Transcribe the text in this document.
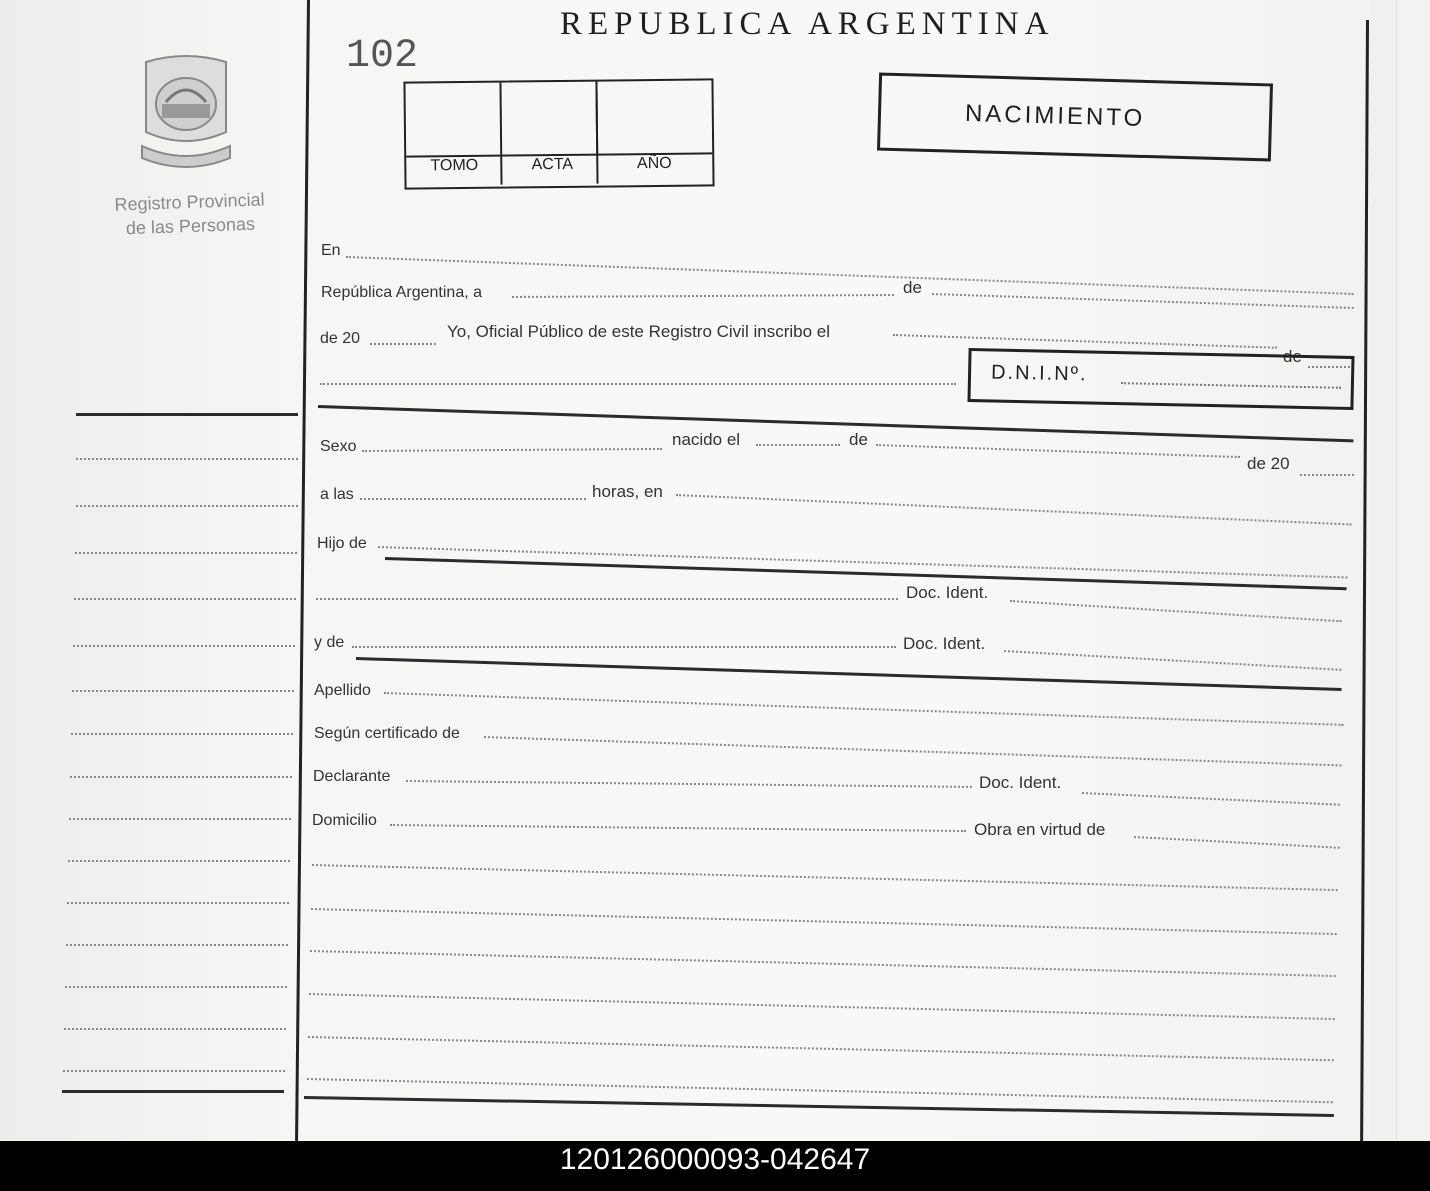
Registro Provincial
de las Personas
REPUBLICA ARGENTINA
102
TOMO	ACTA	AÑO
NACIMIENTO
En
República Argentina, a	de
de 20	Yo, Oficial Público de este Registro Civil inscribo el
de
D.N.I.Nº.
Sexo	nacido el	de
de 20
a las	horas, en
Hijo de
Doc. Ident.
y de	Doc. Ident.
Apellido
Según certificado de
Declarante	Doc. Ident.
Domicilio	Obra en virtud de
120126000093-042647
